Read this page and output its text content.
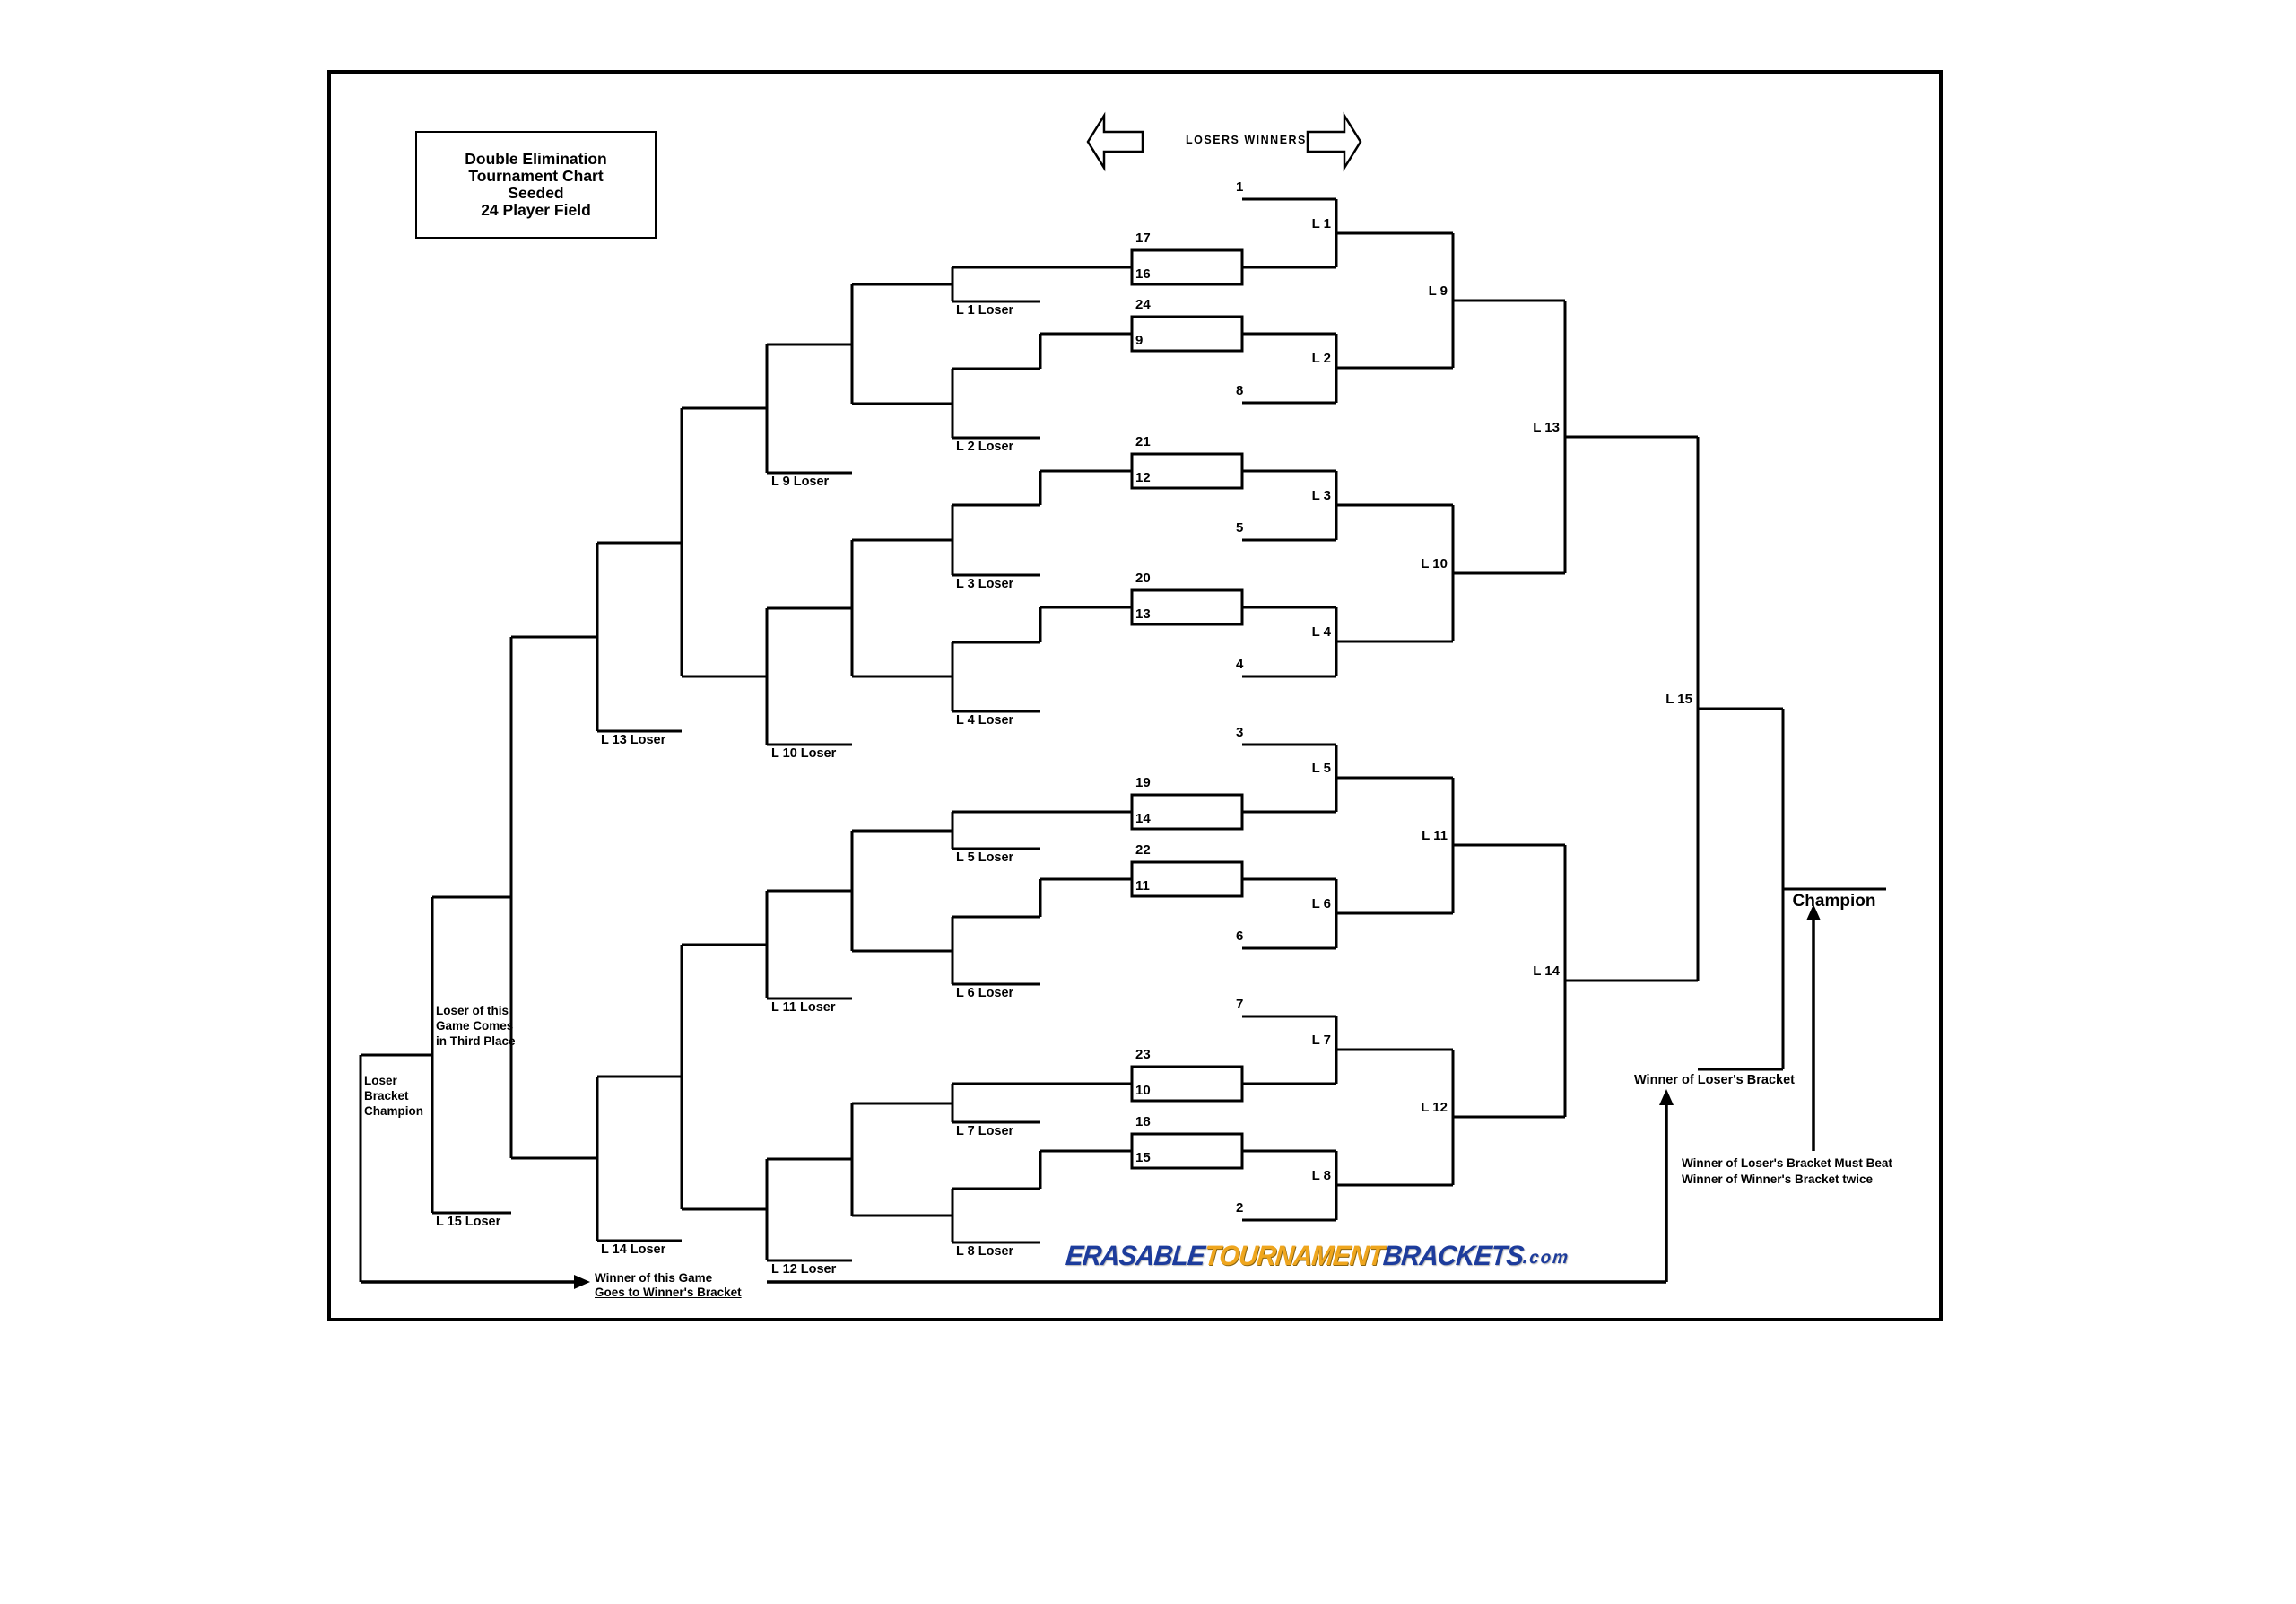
Double Elimination
Tournament Chart
Seeded
24 Player Field
LOSERS WINNERS
1
8
5
4
3
6
7
2
17
16
24
9
21
12
20
13
19
14
22
11
23
10
18
15
L 1
L 2
L 3
L 4
L 5
L 6
L 7
L 8
L 9
L 10
L 11
L 12
L 13
L 14
L 15
L 1 Loser
L 2 Loser
L 3 Loser
L 4 Loser
L 5 Loser
L 6 Loser
L 7 Loser
L 8 Loser
L 9 Loser
L 10 Loser
L 11 Loser
L 12 Loser
L 13 Loser
L 14 Loser
L 15 Loser
Loser of this
Game Comes
in Third Place
Loser
Bracket
Champion
Winner of this Game
Goes to Winner's Bracket
Winner of Loser's Bracket
Winner of Loser's Bracket Must Beat
Winner of Winner's Bracket twice
Champion
ERASABLETOURNAMENTBRACKETS.com
